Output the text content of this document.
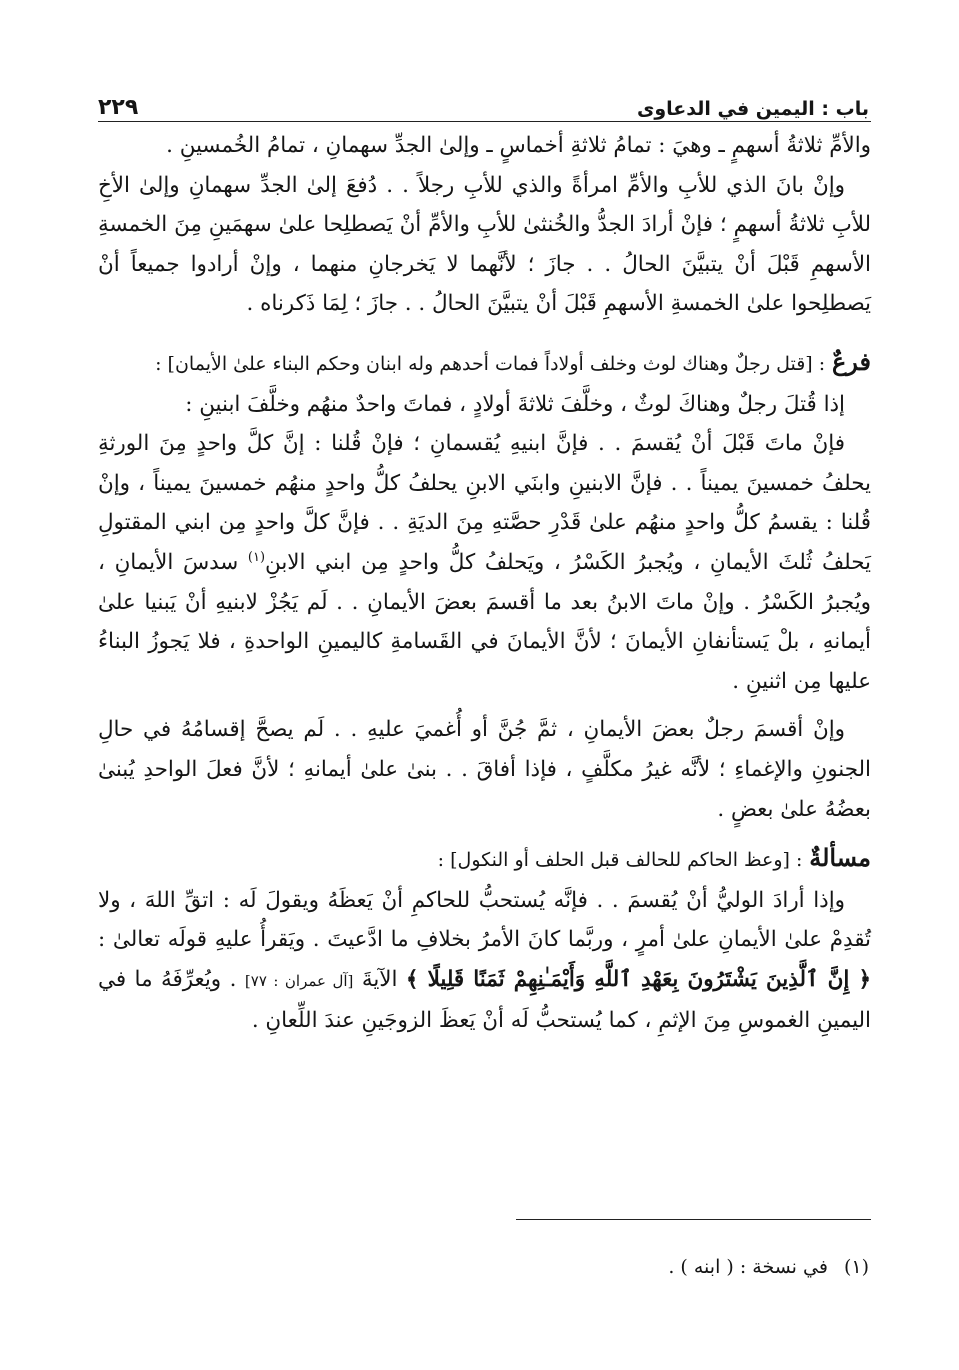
باب : اليمين في الدعاوى
٢٢٩

والأمِّ ثلاثةُ أسهمٍ ـ وهيَ : تمامُ ثلاثةِ أخماسٍ ـ وإلىٰ الجدِّ سهمانِ ، تمامُ الخُمسينِ .

وإنْ بانَ الذي للأبِ والأمِّ امرأةً والذي للأبِ رجلاً . . دُفعَ إلىٰ الجدِّ سهمانِ وإلىٰ الأخِ للأبِ ثلاثةُ أسهمٍ ؛ فإنْ أرادَ الجدُّ والخُنثىٰ للأبِ والأمِّ أنْ يَصطلِحا علىٰ سهمَينِ مِنَ الخمسةِ الأسهمِ قَبْلَ أنْ يتبيَّنَ الحالُ . . جازَ ؛ لأنَّهما لا يَخرجانِ منهما ، وإنْ أرادوا جميعاً أنْ يَصطلِحوا علىٰ الخمسةِ الأسهمِ قَبْلَ أنْ يتبيَّنَ الحالُ . . جازَ ؛ لِمَا ذَكرناه .

فرعٌ : [قتل رجلٌ وهناك لوث وخلف أولاداً فمات أحدهم وله ابنان وحكم البناء علىٰ الأيمان] :

إذا قُتلَ رجلٌ وهناكَ لوثٌ ، وخلَّفَ ثلاثةَ أولادٍ ، فماتَ واحدٌ منهُم وخلَّفَ ابنينِ :

فإنْ ماتَ قَبْلَ أنْ يُقسمَ . . فإنَّ ابنيهِ يُقسمانِ ؛ فإنْ قُلنا : إنَّ كلَّ واحدٍ مِنَ الورثةِ يحلفُ خمسينَ يميناً . . فإنَّ الابنينِ وابنَي الابنِ يحلفُ كلُّ واحدٍ منهُم خمسينَ يميناً ، وإنْ قُلنا : يقسمُ كلُّ واحدٍ منهُم علىٰ قَدْرِ حصَّتهِ مِنَ الديَةِ . . فإنَّ كلَّ واحدٍ مِن ابني المقتولِ يَحلفُ ثُلثَ الأيمانِ ، ويُجبرُ الكَسْرُ ، ويَحلفُ كلُّ واحدٍ مِن ابني الابنِ$^{(١)}$ سدسَ الأيمانِ ، ويُجبرُ الكَسْرُ . وإنْ ماتَ الابنُ بعد ما أقسمَ بعضَ الأيمانِ . . لَم يَجُزْ لابنيهِ أنْ يَبنيا علىٰ أيمانهِ ، بلْ يَستأنفانِ الأيمانَ ؛ لأنَّ الأيمانَ في القَسامةِ كاليمينِ الواحدةِ ، فلا يَجوزُ البناءُ عليها مِن اثنينِ .

وإنْ أقسمَ رجلٌ بعضَ الأيمانِ ، ثمَّ جُنَّ أو أُغميَ عليهِ . . لَم يصحَّ إقسامُهُ في حالِ الجنونِ والإغماءِ ؛ لأنَّه غيرُ مكلَّفٍ ، فإذا أفاقَ . . بنىٰ علىٰ أيمانهِ ؛ لأنَّ فعلَ الواحدِ يُبنىٰ بعضُهُ علىٰ بعضٍ .

مسألةٌ : [وعظ الحاكم للحالف قبل الحلف أو النكول] :

وإذا أرادَ الوليُّ أنْ يُقسمَ . . فإنَّه يُستحبُّ للحاكمِ أنْ يَعظَهُ ويقولَ لَه : اتقِّ اللهَ ، ولا تُقدِمْ علىٰ الأيمانِ علىٰ أمرٍ ، وربَّما كانَ الأمرُ بخلافِ ما ادَّعيتَ . ويَقرأُ عليهِ قولَه تعالىٰ : ﴿ إِنَّ ٱلَّذِينَ يَشْتَرُونَ بِعَهْدِ ٱللَّهِ وَأَيْمَـٰنِهِمْ ثَمَنًا قَلِيلًا ﴾ الآيةَ [آل عمران : ٧٧] . ويُعرِّفَهُ ما في اليمينِ الغموسِ مِنَ الإثمِ ، كما يُستحبُّ لَه أنْ يَعظَ الزوجَينِ عندَ اللِّعانِ .

(١)في نسخة : ( ابنه ) .
